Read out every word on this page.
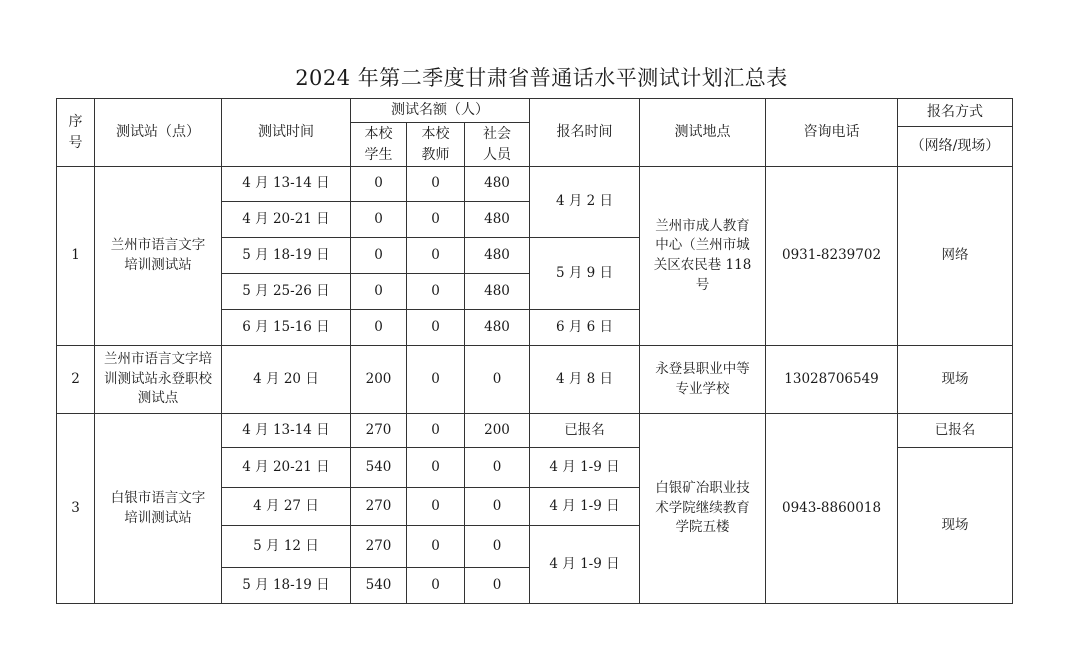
2024 年第二季度甘肃省普通话水平测试计划汇总表
序号	测试站（点）	测试时间	测试名额（人）			报名时间	测试地点	咨询电话	报名方式
			本校学生	本校教师	社会人员				
									（网络/现场）
1	兰州市语言文字培训测试站	4 月 13-14 日	0	0	480	4 月 2 日	兰州市成人教育中心（兰州市城关区农民巷 118 号	0931-8239702	网络
		4 月 20-21 日	0	0	480				
		5 月 18-19 日	0	0	480	5 月 9 日			
		5 月 25-26 日	0	0	480				
		6 月 15-16 日	0	0	480	6 月 6 日			
2	兰州市语言文字培训测试站永登职校测试点	4 月 20 日	200	0	0	4 月 8 日	永登县职业中等专业学校	13028706549	现场
3	白银市语言文字培训测试站	4 月 13-14 日	270	0	200	已报名	白银矿冶职业技术学院继续教育学院五楼	0943-8860018	已报名
		4 月 20-21 日	540	0	0	4 月 1-9 日			现场
		4 月 27 日	270	0	0	4 月 1-9 日			
		5 月 12 日	270	0	0	4 月 1-9 日			
		5 月 18-19 日	540	0	0				
